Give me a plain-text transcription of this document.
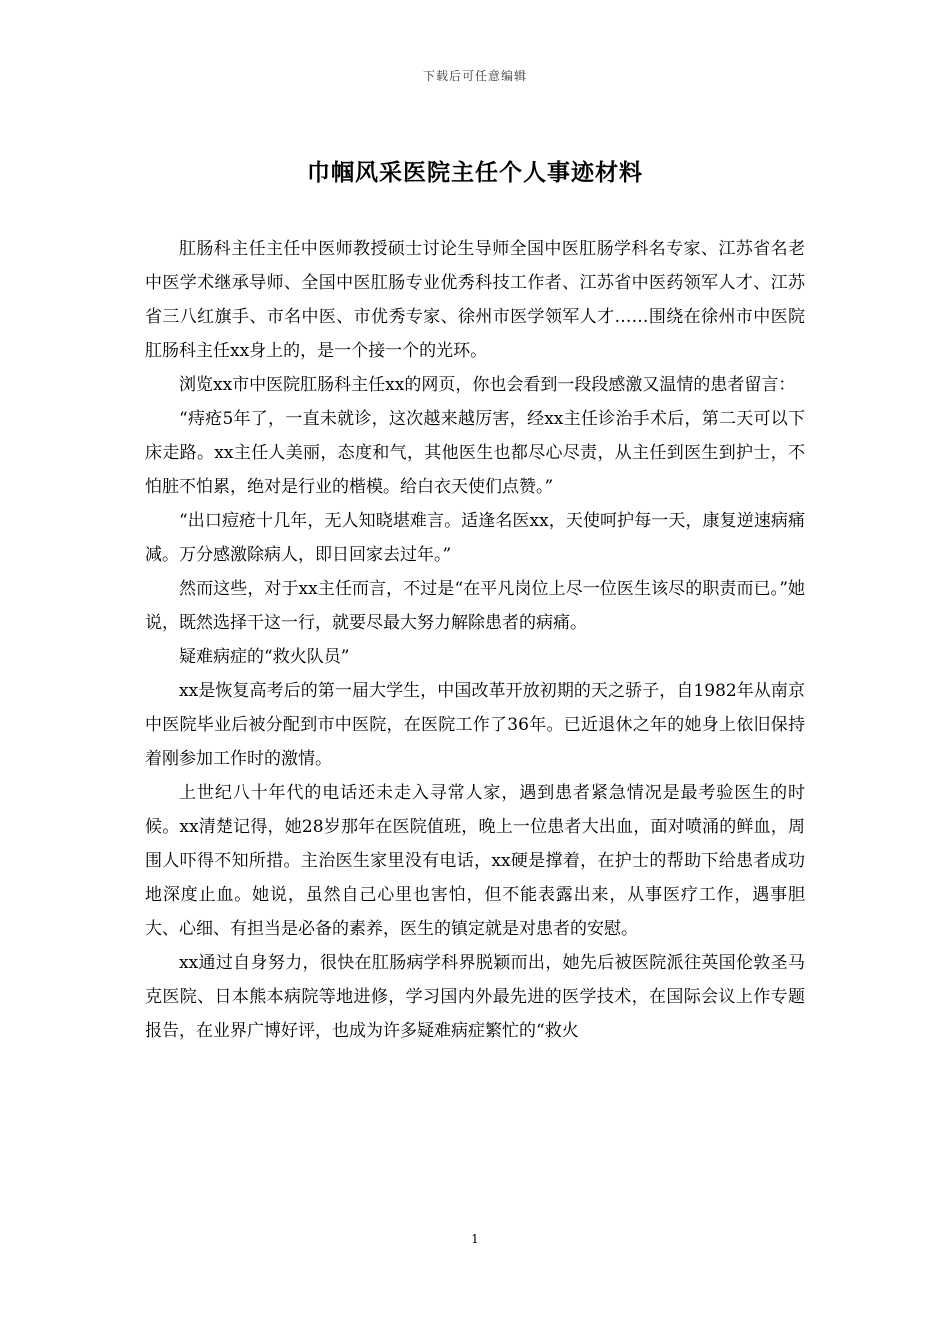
下载后可任意编辑
巾帼风采医院主任个人事迹材料

肛肠科主任主任中医师教授硕士讨论生导师全国中医肛肠学科名专家、江苏省名老中医学术继承导师、全国中医肛肠专业优秀科技工作者、江苏省中医药领军人才、江苏省三八红旗手、市名中医、市优秀专家、徐州市医学领军人才……围绕在徐州市中医院肛肠科主任xx身上的，是一个接一个的光环。

浏览xx市中医院肛肠科主任xx的网页，你也会看到一段段感激又温情的患者留言：

“痔疮5年了，一直未就诊，这次越来越厉害，经xx主任诊治手术后，第二天可以下床走路。xx主任人美丽，态度和气，其他医生也都尽心尽责，从主任到医生到护士，不怕脏不怕累，绝对是行业的楷模。给白衣天使们点赞。”

“出口痘疮十几年，无人知晓堪难言。适逢名医xx，天使呵护每一天，康复逆速病痛减。万分感激除病人，即日回家去过年。”

然而这些，对于xx主任而言，不过是“在平凡岗位上尽一位医生该尽的职责而已。”她说，既然选择干这一行，就要尽最大努力解除患者的病痛。

疑难病症的“救火队员”

xx是恢复高考后的第一届大学生，中国改革开放初期的天之骄子，自1982年从南京中医院毕业后被分配到市中医院，在医院工作了36年。已近退休之年的她身上依旧保持着刚参加工作时的激情。

上世纪八十年代的电话还未走入寻常人家，遇到患者紧急情况是最考验医生的时候。xx清楚记得，她28岁那年在医院值班，晚上一位患者大出血，面对喷涌的鲜血，周围人吓得不知所措。主治医生家里没有电话，xx硬是撑着，在护士的帮助下给患者成功地深度止血。她说，虽然自己心里也害怕，但不能表露出来，从事医疗工作，遇事胆大、心细、有担当是必备的素养，医生的镇定就是对患者的安慰。

xx通过自身努力，很快在肛肠病学科界脱颖而出，她先后被医院派往英国伦敦圣马克医院、日本熊本病院等地进修，学习国内外最先进的医学技术，在国际会议上作专题报告，在业界广博好评，也成为许多疑难病症繁忙的“救火

1
